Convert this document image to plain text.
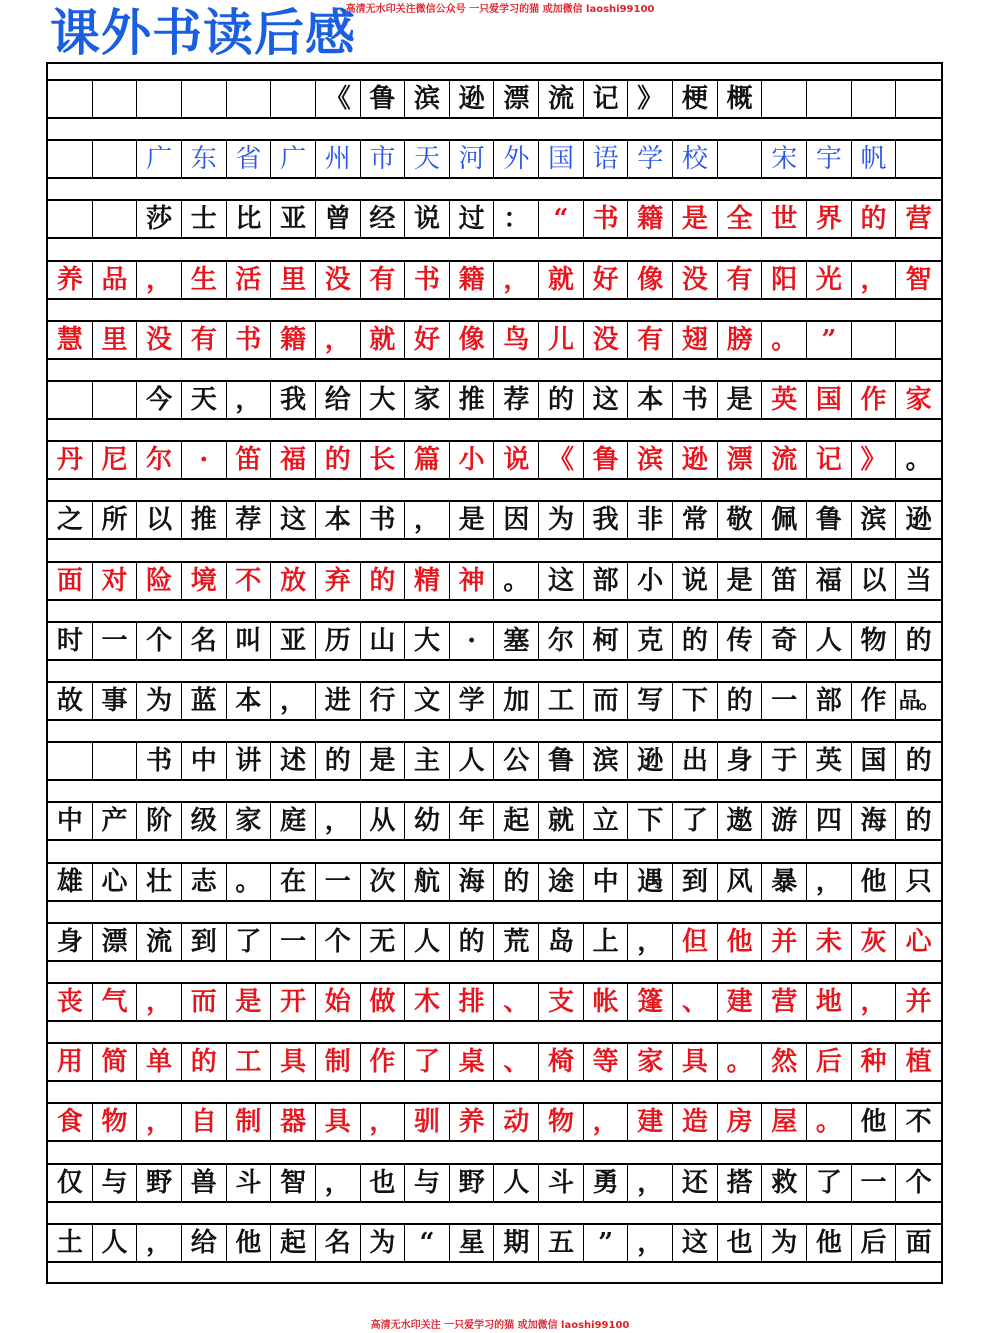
课外书读后感
高清无水印关注微信公众号 一只爱学习的猫 或加微信 laoshi99100
《 鲁 滨 逊 漂 流 记 》 梗 概
广 东 省 广 州 市 天 河 外 国 语 学 校	宋 宇 帆
莎 士 比 亚 曾 经 说 过 ： “ 书 籍 是 全 世 界 的 营
养 品 ， 生 活 里 没 有 书 籍 ， 就 好 像 没 有 阳 光 ， 智
慧 里 没 有 书 籍 ， 就 好 像 鸟 儿 没 有 翅 膀 。 ”
今 天 ， 我 给 大 家 推 荐 的 这 本 书 是 英 国 作 家
丹 尼 尔	·	笛 福 的 长 篇 小 说 《 鲁 滨 逊 漂 流 记 》 。
之 所 以 推 荐 这 本 书 ， 是 因 为 我 非 常 敬 佩 鲁 滨 逊
面 对 险 境 不 放 弃 的 精 神 。 这 部 小 说 是 笛 福 以 当
时 一 个 名 叫 亚 历 山 大	·	塞 尔 柯 克 的 传 奇 人 物 的
故 事 为 蓝 本 ， 进 行 文 学 加 工 而 写 下 的 一 部 作 品。
书 中 讲 述 的 是 主 人 公 鲁 滨 逊 出 身 于 英 国 的
中 产 阶 级 家 庭 ， 从 幼 年 起 就 立 下 了 遨 游 四 海 的
雄 心 壮 志 。 在 一 次 航 海 的 途 中 遇 到 风 暴 ， 他 只
身 漂 流 到 了 一 个 无 人 的 荒 岛 上 ， 但 他 并 未 灰 心
丧 气 ， 而 是 开 始 做 木 排 、 支 帐 篷 、 建 营 地 ， 并
用 简 单 的 工 具 制 作 了 桌 、 椅 等 家 具 。 然 后 种 植
食 物 ， 自 制 器 具 ， 驯 养 动 物 ， 建 造 房 屋 。 他 不
仅 与 野 兽 斗 智 ， 也 与 野 人 斗 勇 ， 还 搭 救 了 一 个
土 人 ， 给 他 起 名 为 “ 星 期 五 ” ， 这 也 为 他 后 面
高清无水印关注 一只爱学习的猫 或加微信 laoshi99100
